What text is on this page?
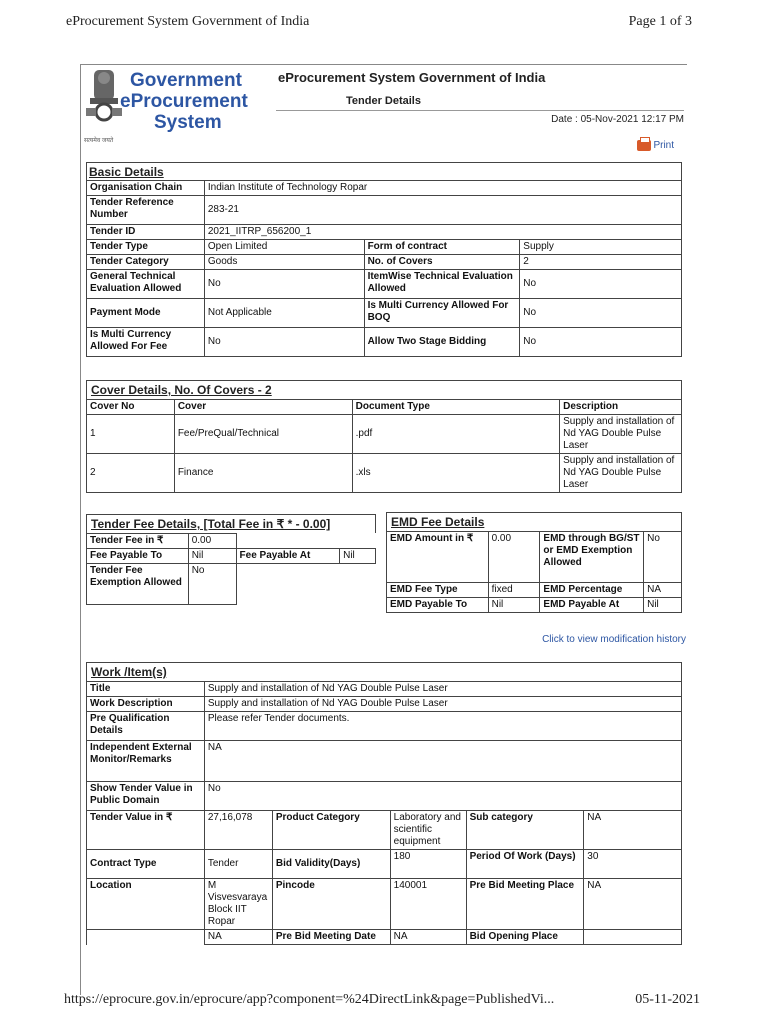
eProcurement System Government of India	Page 1 of 3
Government
eProcurement
System
सत्यमेव जयते
eProcurement System Government of India
Tender Details
Date : 05-Nov-2021 12:17 PM
Print
Basic Details
Organisation Chain	Indian Institute of Technology Ropar		
Tender Reference Number	283-21		
Tender ID	2021_IITRP_656200_1		
Tender Type	Open Limited	Form of contract	Supply
Tender Category	Goods	No. of Covers	2
General Technical Evaluation Allowed	No	ItemWise Technical Evaluation Allowed	No
Payment Mode	Not Applicable	Is Multi Currency Allowed For BOQ	No
Is Multi Currency Allowed For Fee	No	Allow Two Stage Bidding	No
Cover Details, No. Of Covers - 2
Cover No	Cover	Document Type	Description
1	Fee/PreQual/Technical	.pdf	Supply and installation of Nd YAG Double Pulse Laser
2	Finance	.xls	Supply and installation of Nd YAG Double Pulse Laser
Tender Fee Details, [Total Fee in ₹ * - 0.00]
Tender Fee in ₹	0.00		
Fee Payable To	Nil	Fee Payable At	Nil
Tender Fee Exemption Allowed	No		
EMD Fee Details
EMD Amount in ₹	0.00	EMD through BG/ST or EMD Exemption Allowed	No
EMD Fee Type	fixed	EMD Percentage	NA
EMD Payable To	Nil	EMD Payable At	Nil
Click to view modification history
Work /Item(s)
Title	Supply and installation of Nd YAG Double Pulse Laser				
Work Description	Supply and installation of Nd YAG Double Pulse Laser				
Pre Qualification Details	Please refer Tender documents.				
Independent External Monitor/Remarks	NA				
Show Tender Value in Public Domain	No				
Tender Value in ₹	27,16,078	Product Category	Laboratory and scientific equipment	Sub category	NA
Contract Type	Tender	Bid Validity(Days)	180	Period Of Work (Days)	30
Location	M Visvesvaraya Block IIT Ropar	Pincode	140001	Pre Bid Meeting Place	NA
	NA	Pre Bid Meeting Date	NA	Bid Opening Place	
https://eprocure.gov.in/eprocure/app?component=%24DirectLink&page=PublishedVi...	05-11-2021
